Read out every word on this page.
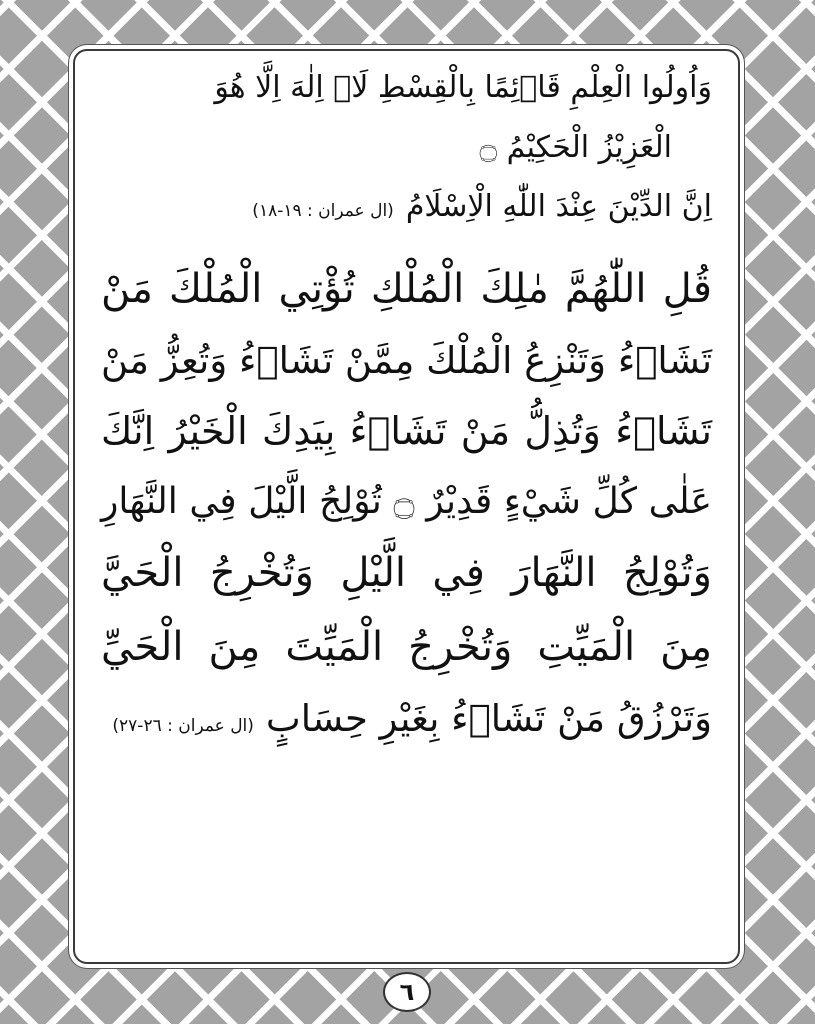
وَاُولُوا الْعِلْمِ قَاۤئِمًا بِالْقِسْطِ لَاۤ اِلٰهَ اِلَّا هُوَ
الْعَزِيْزُ الْحَكِيْمُ ۝
اِنَّ الدِّيْنَ عِنْدَ اللّٰهِ الْاِسْلَامُ
(ال عمران : ١٩-١٨)
قُلِ اللّٰهُمَّ مٰلِكَ الْمُلْكِ تُؤْتِي الْمُلْكَ مَنْ
تَشَاۤءُ وَتَنْزِعُ الْمُلْكَ مِمَّنْ تَشَاۤءُ وَتُعِزُّ مَنْ
تَشَاۤءُ وَتُذِلُّ مَنْ تَشَاۤءُ بِيَدِكَ الْخَيْرُ اِنَّكَ
عَلٰى كُلِّ شَيْءٍ قَدِيْرٌ ۝ تُوْلِجُ الَّيْلَ فِي النَّهَارِ
وَتُوْلِجُ النَّهَارَ فِي الَّيْلِ وَتُخْرِجُ الْحَيَّ
مِنَ الْمَيِّتِ وَتُخْرِجُ الْمَيِّتَ مِنَ الْحَيِّ
وَتَرْزُقُ مَنْ تَشَاۤءُ بِغَيْرِ حِسَابٍ
(ال عمران : ٢٦-٢٧)
٦
